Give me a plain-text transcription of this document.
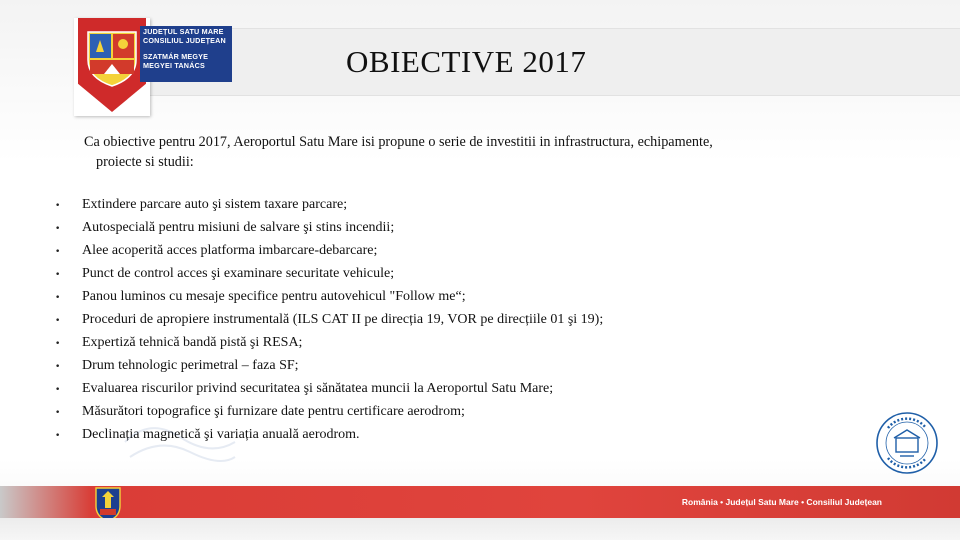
JUDEȚUL SATU MARE
CONSILIUL JUDEȚEAN
SZATMÁR MEGYE
MEGYEI TANÁCS	OBIECTIVE 2017
Ca obiective pentru 2017, Aeroportul Satu Mare isi propune o serie de investitii in infrastructura, echipamente,
proiecte si studii:
•	Extindere parcare auto şi sistem taxare parcare;
•	Autospecială pentru misiuni de salvare şi stins incendii;
•	Alee acoperită acces platforma imbarcare-debarcare;
•	Punct de control acces şi examinare securitate vehicule;
•	Panou luminos cu mesaje specifice pentru autovehicul "Follow me“;
•	Proceduri de apropiere instrumentală (ILS CAT II pe direcția 19, VOR pe direcțiile 01 şi 19);
•	Expertiză tehnică bandă pistă şi RESA;
•	Drum tehnologic perimetral – faza SF;
•	Evaluarea riscurilor privind securitatea şi sănătatea muncii la Aeroportul Satu Mare;
•	Măsurători topografice şi furnizare date pentru certificare aerodrom;
•	Declinația magnetică şi variația anuală aerodrom.
România • Județul Satu Mare • Consiliul Județean
